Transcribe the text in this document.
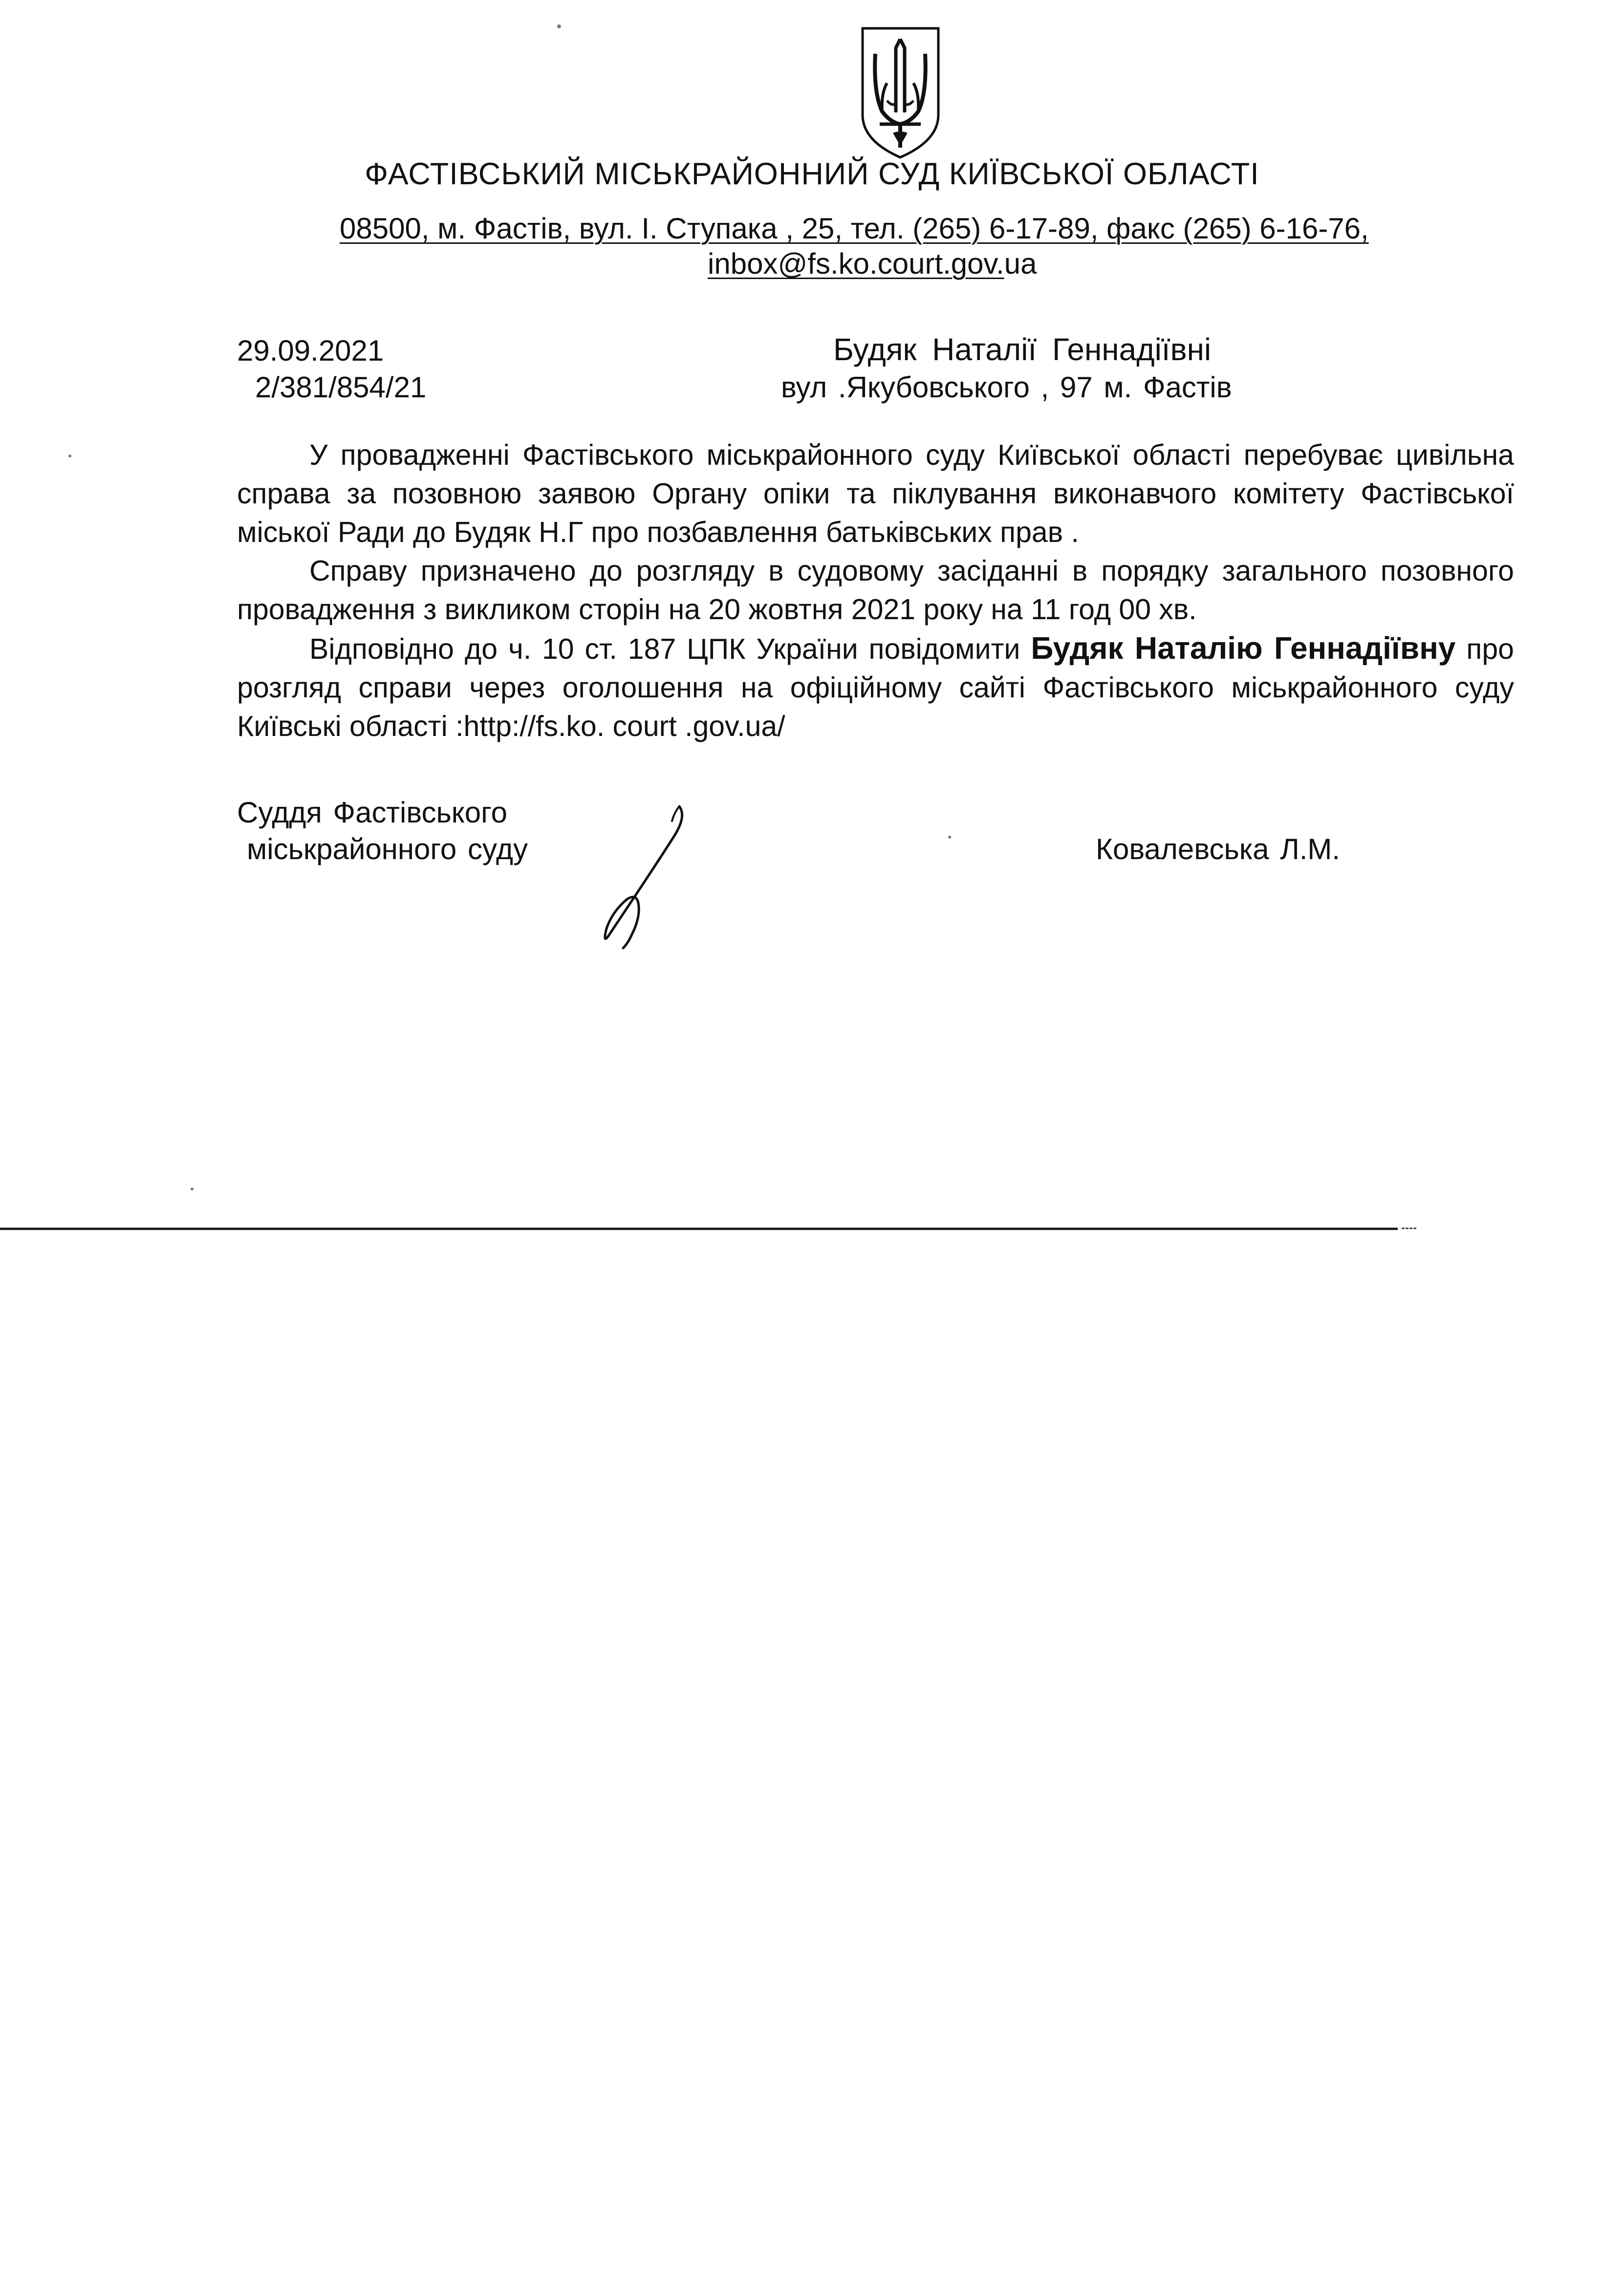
ФАСТІВСЬКИЙ МІСЬКРАЙОННИЙ СУД КИЇВСЬКОЇ ОБЛАСТІ
08500, м. Фастів, вул. І. Ступака , 25, тел. (265) 6-17-89, факс (265) 6-16-76,
inbox@fs.ko.court.gov.ua
29.09.2021
2/381/854/21
Будяк Наталії Геннадіївні
вул .Якубовського , 97 м. Фастів

У провадженні Фастівського міськрайонного суду Київської області перебуває цивільна справа за позовною заявою Органу опіки та піклування виконавчого комітету Фастівської міської Ради до Будяк Н.Г про позбавлення батьківських прав .

Справу призначено до розгляду в судовому засіданні в порядку загального позовного провадження з викликом сторін на 20 жовтня 2021 року на 11 год 00 хв.

Відповідно до ч. 10 ст. 187 ЦПК України повідомити Будяк Наталію Геннадіївну про розгляд справи через оголошення на офіційному сайті Фастівського міськрайонного суду Київські області :http://fs.ko. court .gov.ua/

Суддя Фастівського
міськрайонного суду	Ковалевська Л.М.
